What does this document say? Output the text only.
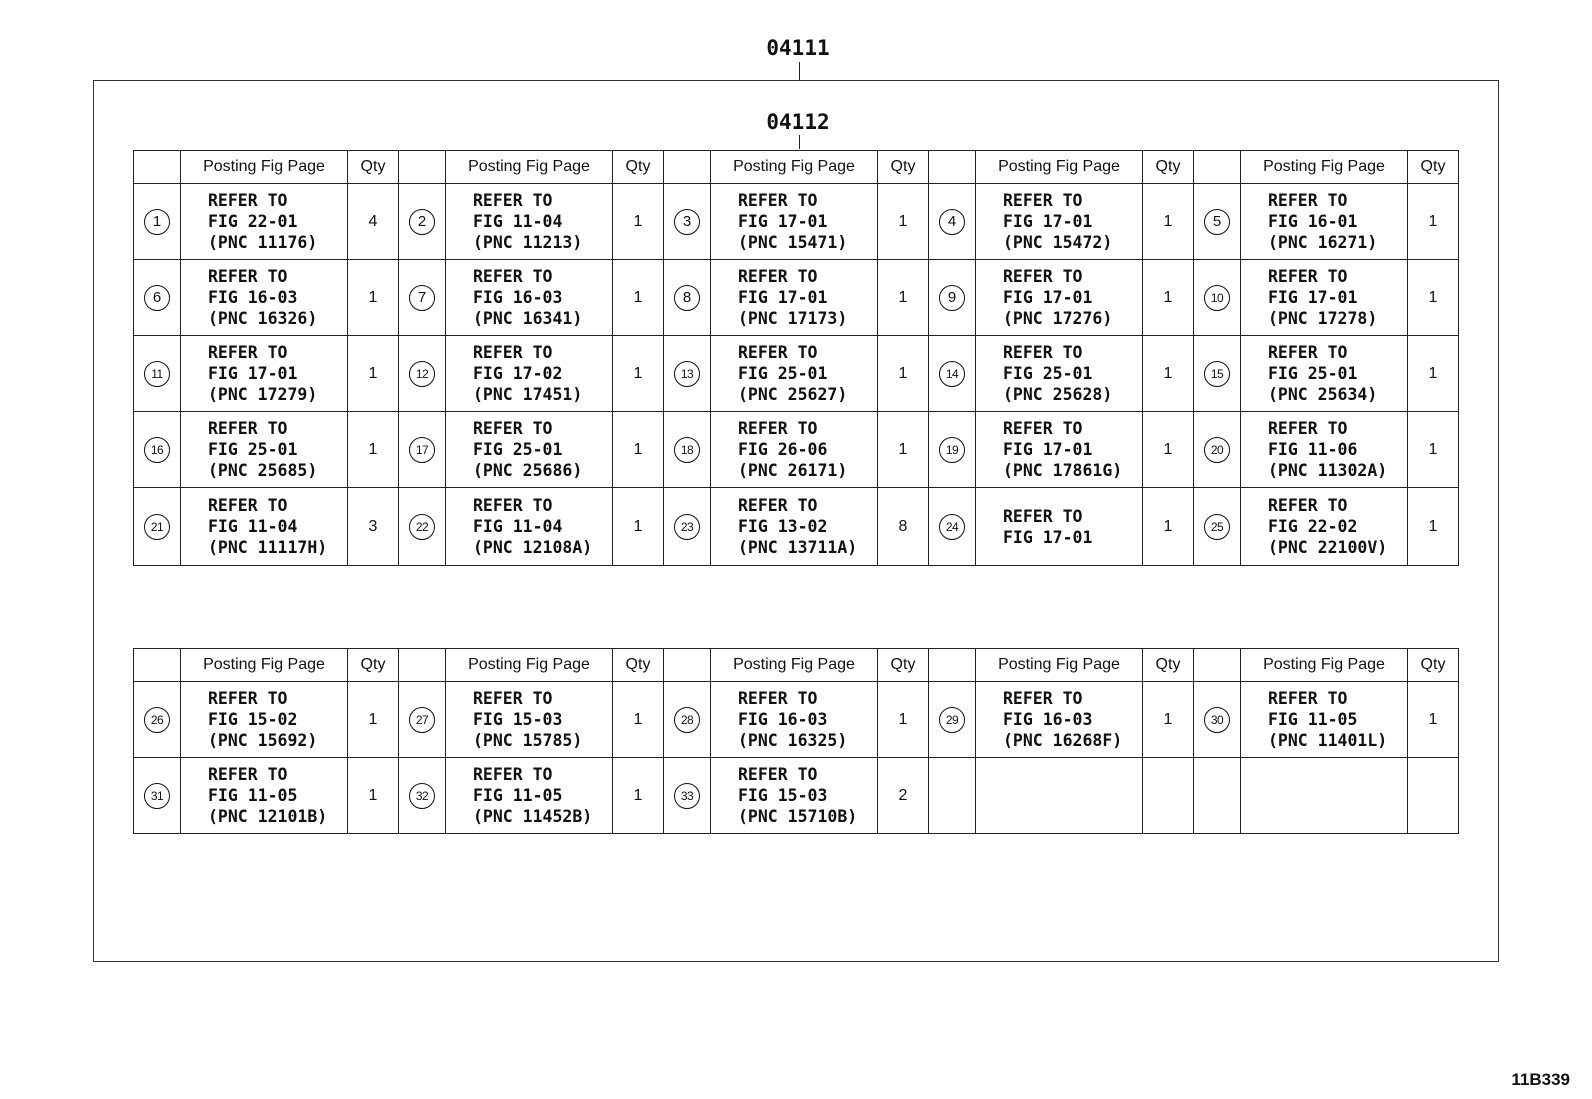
04111
04112
	Posting Fig Page	Qty		Posting Fig Page	Qty		Posting Fig Page	Qty		Posting Fig Page	Qty		Posting Fig Page	Qty
1	REFER TO
FIG 22-01
(PNC 11176)	4	2	REFER TO
FIG 11-04
(PNC 11213)	1	3	REFER TO
FIG 17-01
(PNC 15471)	1	4	REFER TO
FIG 17-01
(PNC 15472)	1	5	REFER TO
FIG 16-01
(PNC 16271)	1
6	REFER TO
FIG 16-03
(PNC 16326)	1	7	REFER TO
FIG 16-03
(PNC 16341)	1	8	REFER TO
FIG 17-01
(PNC 17173)	1	9	REFER TO
FIG 17-01
(PNC 17276)	1	10	REFER TO
FIG 17-01
(PNC 17278)	1
11	REFER TO
FIG 17-01
(PNC 17279)	1	12	REFER TO
FIG 17-02
(PNC 17451)	1	13	REFER TO
FIG 25-01
(PNC 25627)	1	14	REFER TO
FIG 25-01
(PNC 25628)	1	15	REFER TO
FIG 25-01
(PNC 25634)	1
16	REFER TO
FIG 25-01
(PNC 25685)	1	17	REFER TO
FIG 25-01
(PNC 25686)	1	18	REFER TO
FIG 26-06
(PNC 26171)	1	19	REFER TO
FIG 17-01
(PNC 17861G)	1	20	REFER TO
FIG 11-06
(PNC 11302A)	1
21	REFER TO
FIG 11-04
(PNC 11117H)	3	22	REFER TO
FIG 11-04
(PNC 12108A)	1	23	REFER TO
FIG 13-02
(PNC 13711A)	8	24	REFER TO
FIG 17-01	1	25	REFER TO
FIG 22-02
(PNC 22100V)	1
	Posting Fig Page	Qty		Posting Fig Page	Qty		Posting Fig Page	Qty		Posting Fig Page	Qty		Posting Fig Page	Qty
26	REFER TO
FIG 15-02
(PNC 15692)	1	27	REFER TO
FIG 15-03
(PNC 15785)	1	28	REFER TO
FIG 16-03
(PNC 16325)	1	29	REFER TO
FIG 16-03
(PNC 16268F)	1	30	REFER TO
FIG 11-05
(PNC 11401L)	1
31	REFER TO
FIG 11-05
(PNC 12101B)	1	32	REFER TO
FIG 11-05
(PNC 11452B)	1	33	REFER TO
FIG 15-03
(PNC 15710B)	2						
11B339
